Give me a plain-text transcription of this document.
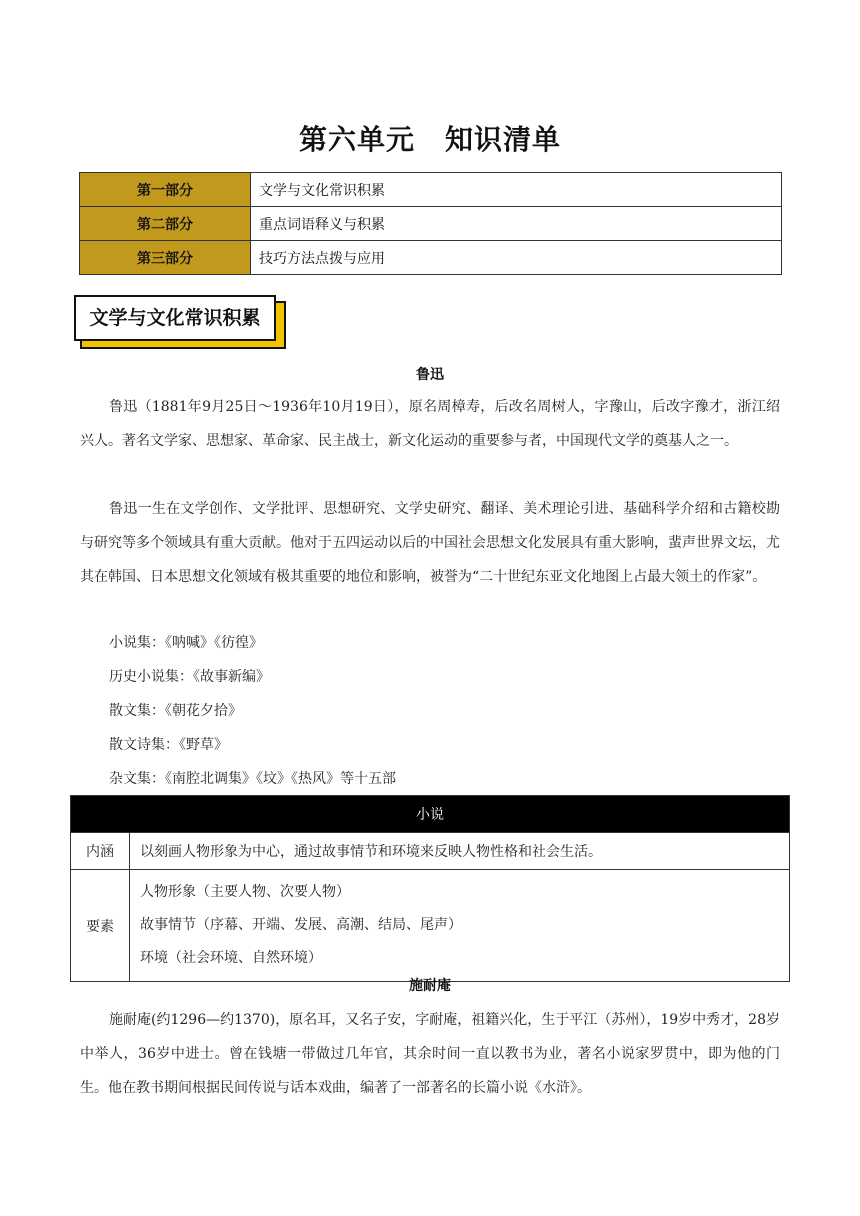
第六单元 知识清单
第一部分	文学与文化常识积累
第二部分	重点词语释义与积累
第三部分	技巧方法点拨与应用
文学与文化常识积累
鲁迅

鲁迅（1881年9月25日～1936年10月19日），原名周樟寿，后改名周树人，字豫山，后改字豫才，浙江绍兴人。著名文学家、思想家、革命家、民主战士，新文化运动的重要参与者，中国现代文学的奠基人之一。

鲁迅一生在文学创作、文学批评、思想研究、文学史研究、翻译、美术理论引进、基础科学介绍和古籍校勘与研究等多个领域具有重大贡献。他对于五四运动以后的中国社会思想文化发展具有重大影响，蜚声世界文坛，尤其在韩国、日本思想文化领域有极其重要的地位和影响，被誉为“二十世纪东亚文化地图上占最大领土的作家”。

小说集：《呐喊》《彷徨》
历史小说集：《故事新编》
散文集：《朝花夕拾》
散文诗集：《野草》
杂文集：《南腔北调集》《坟》《热风》等十五部
小说	
内涵	以刻画人物形象为中心，通过故事情节和环境来反映人物性格和社会生活。
要素	人物形象（主要人物、次要人物）
故事情节（序幕、开端、发展、高潮、结局、尾声）
环境（社会环境、自然环境）
施耐庵

施耐庵(约1296—约1370)，原名耳，又名子安，字耐庵，祖籍兴化，生于平江（苏州），19岁中秀才，28岁中举人，36岁中进士。曾在钱塘一带做过几年官，其余时间一直以教书为业，著名小说家罗贯中，即为他的门生。他在教书期间根据民间传说与话本戏曲，编著了一部著名的长篇小说《水浒》。
